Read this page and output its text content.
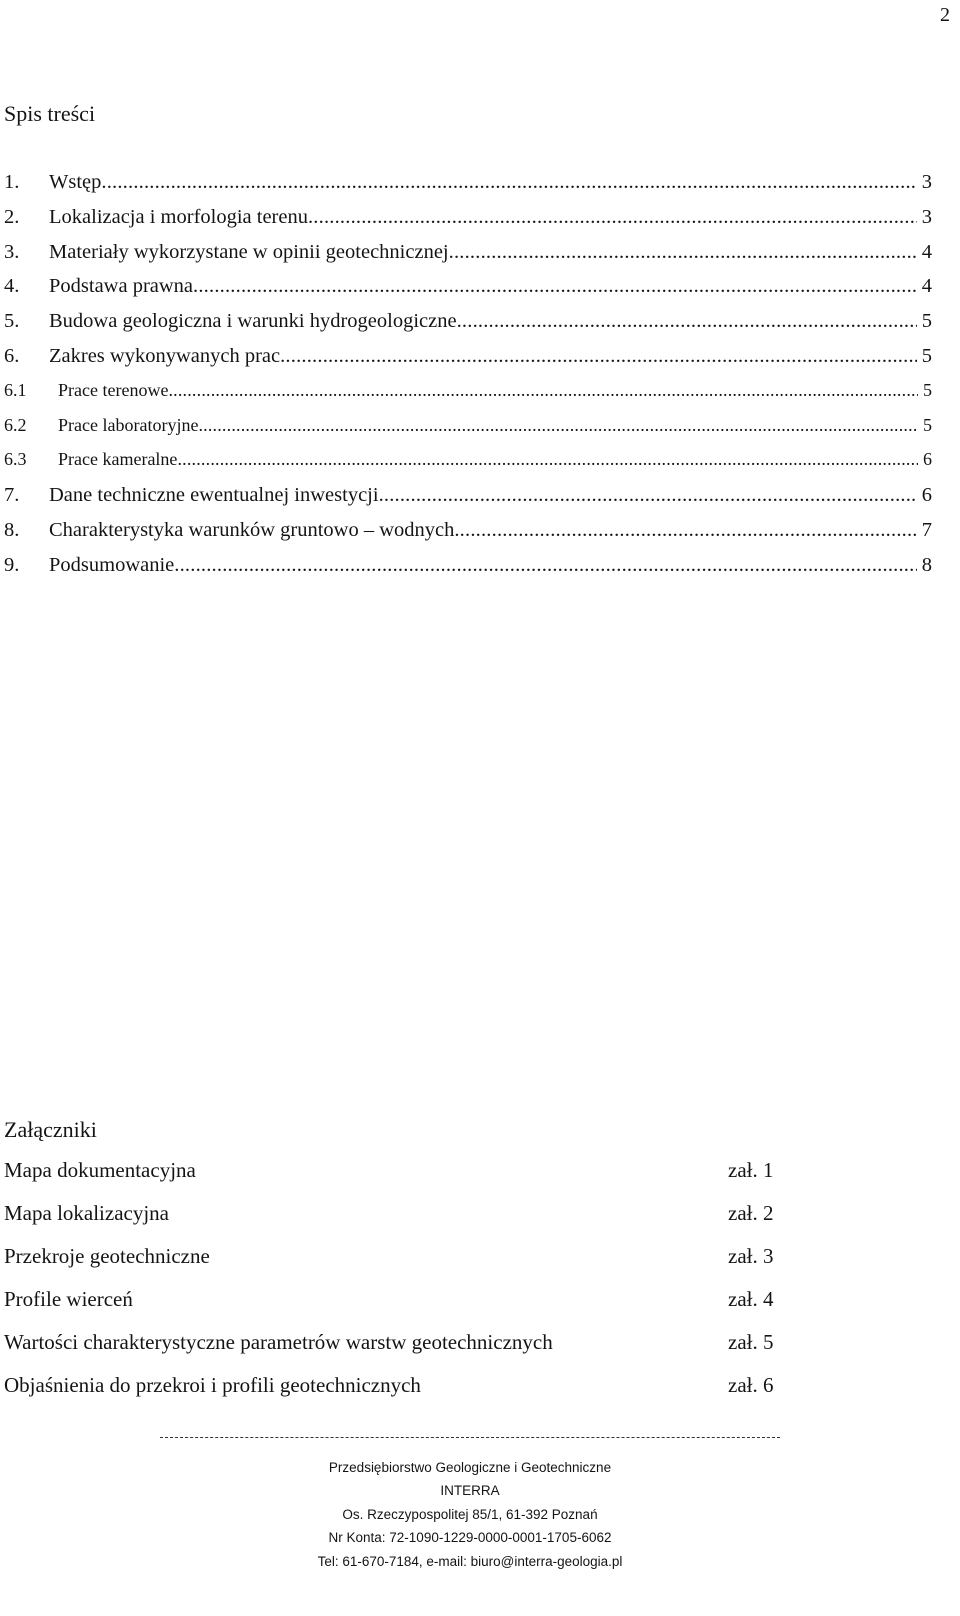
2
Spis treści
1.	Wstęp .....	3
2.	Lokalizacja i morfologia terenu .....	3
3.	Materiały wykorzystane w opinii geotechnicznej .....	4
4.	Podstawa prawna .....	4
5.	Budowa geologiczna i warunki hydrogeologiczne .....	5
6.	Zakres wykonywanych prac .....	5
6.1	Prace terenowe .....	5
6.2	Prace laboratoryjne .....	5
6.3	Prace kameralne .....	6
7.	Dane techniczne ewentualnej inwestycji .....	6
8.	Charakterystyka warunków gruntowo – wodnych .....	7
9.	Podsumowanie .....	8
Załączniki
Mapa dokumentacyjna	zał. 1
Mapa lokalizacyjna	zał. 2
Przekroje geotechniczne	zał. 3
Profile wierceń	zał. 4
Wartości charakterystyczne parametrów warstw geotechnicznych	zał. 5
Objaśnienia do przekroi i profili geotechnicznych	zał. 6
Przedsiębiorstwo Geologiczne i Geotechniczne
INTERRA
Os. Rzeczypospolitej 85/1, 61-392 Poznań
Nr Konta: 72-1090-1229-0000-0001-1705-6062
Tel: 61-670-7184, e-mail: biuro@interra-geologia.pl
